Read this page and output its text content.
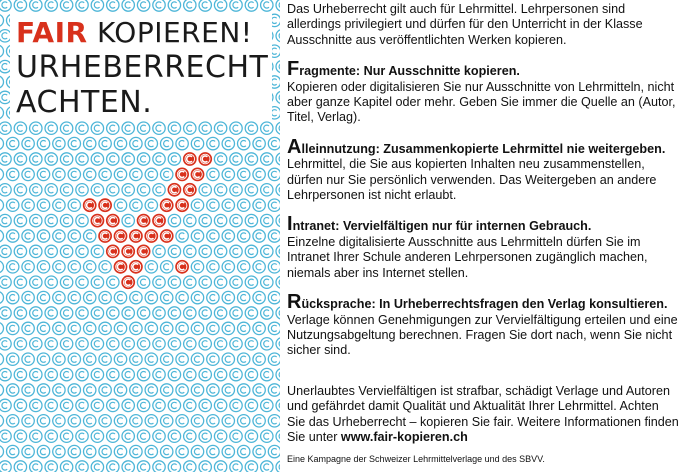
FAIR KOPIEREN!
URHEBERRECHT
ACHTEN.

Das Urheberrecht gilt auch für Lehrmittel. Lehrpersonen sind allerdings privilegiert und dürfen für den Unterricht in der Klasse Ausschnitte aus veröffentlichten Werken kopieren.

Fragmente: Nur Ausschnitte kopieren.
Kopieren oder digitalisieren Sie nur Ausschnitte von Lehrmitteln, nicht aber ganze Kapitel oder mehr. Geben Sie immer die Quelle an (Autor, Titel, Verlag).
Alleinnutzung: Zusammenkopierte Lehrmittel nie weitergeben.
Lehrmittel, die Sie aus kopierten Inhalten neu zusammenstellen, dürfen nur Sie persönlich verwenden. Das Weitergeben an andere Lehrpersonen ist nicht erlaubt.
Intranet: Vervielfältigen nur für internen Gebrauch.
Einzelne digitalisierte Ausschnitte aus Lehrmitteln dürfen Sie im Intranet Ihrer Schule anderen Lehrpersonen zugänglich machen, niemals aber ins Internet stellen.
Rücksprache: In Urheberrechtsfragen den Verlag konsultieren.
Verlage können Genehmigungen zur Vervielfältigung erteilen und eine Nutzungsabgeltung berechnen. Fragen Sie dort nach, wenn Sie nicht sicher sind.
Unerlaubtes Vervielfältigen ist strafbar, schädigt Verlage und Autoren und gefährdet damit Qualität und Aktualität Ihrer Lehrmittel. Achten Sie das Urheberrecht – kopieren Sie fair. Weitere Informationen finden Sie unter www.fair-kopieren.ch
Eine Kampagne der Schweizer Lehrmittelverlage und des SBVV.
